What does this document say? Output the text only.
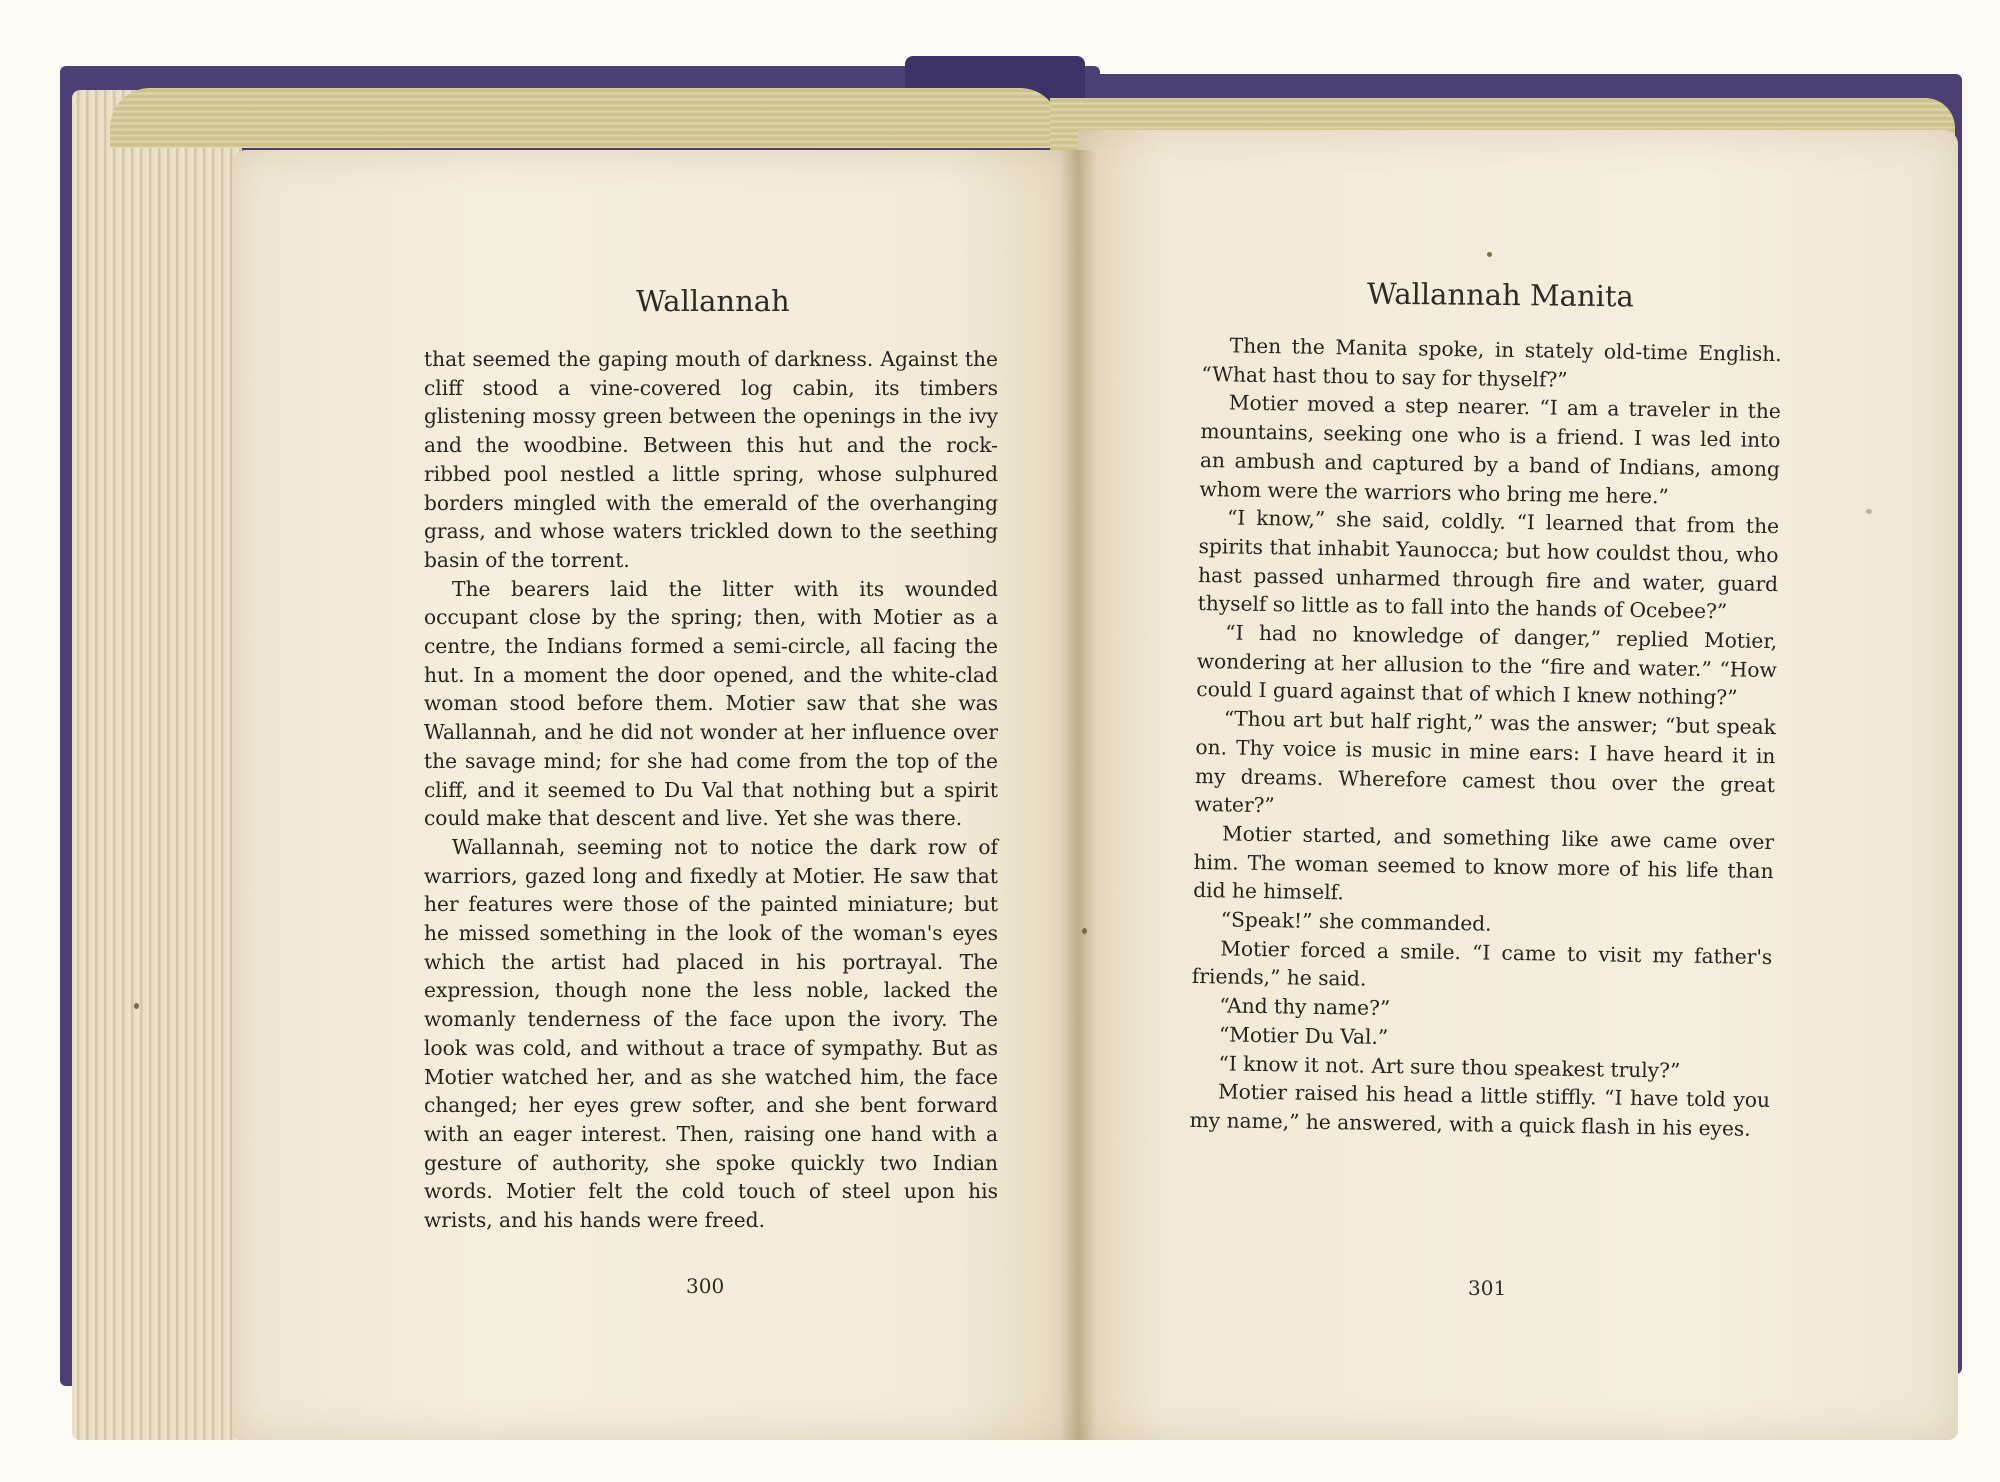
Wallannah

that seemed the gaping mouth of darkness. Against the cliff stood a vine-covered log cabin, its timbers glistening mossy green between the openings in the ivy and the woodbine. Between this hut and the rock-ribbed pool nestled a little spring, whose sulphured borders mingled with the emerald of the overhanging grass, and whose waters trickled down to the seething basin of the torrent.

The bearers laid the litter with its wounded occupant close by the spring; then, with Motier as a centre, the Indians formed a semi-circle, all facing the hut. In a moment the door opened, and the white-clad woman stood before them. Motier saw that she was Wallannah, and he did not wonder at her influence over the savage mind; for she had come from the top of the cliff, and it seemed to Du Val that nothing but a spirit could make that descent and live. Yet she was there.

Wallannah, seeming not to notice the dark row of warriors, gazed long and fixedly at Motier. He saw that her features were those of the painted miniature; but he missed something in the look of the woman's eyes which the artist had placed in his portrayal. The expression, though none the less noble, lacked the womanly tenderness of the face upon the ivory. The look was cold, and without a trace of sympathy. But as Motier watched her, and as she watched him, the face changed; her eyes grew softer, and she bent forward with an eager interest. Then, raising one hand with a gesture of authority, she spoke quickly two Indian words. Motier felt the cold touch of steel upon his wrists, and his hands were freed.

300
Wallannah Manita

Then the Manita spoke, in stately old-time English. “What hast thou to say for thyself?”

Motier moved a step nearer. “I am a traveler in the mountains, seeking one who is a friend. I was led into an ambush and captured by a band of Indians, among whom were the warriors who bring me here.”

“I know,” she said, coldly. “I learned that from the spirits that inhabit Yaunocca; but how couldst thou, who hast passed unharmed through fire and water, guard thyself so little as to fall into the hands of Ocebee?”

“I had no knowledge of danger,” replied Motier, wondering at her allusion to the “fire and water.” “How could I guard against that of which I knew nothing?”

“Thou art but half right,” was the answer; “but speak on. Thy voice is music in mine ears: I have heard it in my dreams. Wherefore camest thou over the great water?”

Motier started, and something like awe came over him. The woman seemed to know more of his life than did he himself.

“Speak!” she commanded.

Motier forced a smile. “I came to visit my father's friends,” he said.

“And thy name?”

“Motier Du Val.”

“I know it not. Art sure thou speakest truly?”

Motier raised his head a little stiffly. “I have told you my name,” he answered, with a quick flash in his eyes.

301
